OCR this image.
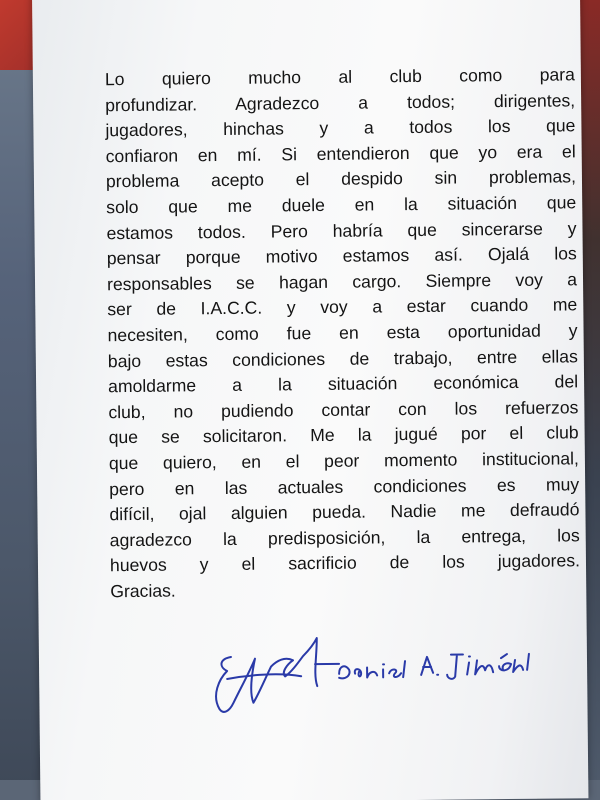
Lo quiero mucho al club como para
profundizar. Agradezco a todos; dirigentes,
jugadores, hinchas y a todos los que
confiaron en mí. Si entendieron que yo era el
problema acepto el despido sin problemas,
solo que me duele en la situación que
estamos todos. Pero habría que sincerarse y
pensar porque motivo estamos así. Ojalá los
responsables se hagan cargo. Siempre voy a
ser de I.A.C.C. y voy a estar cuando me
necesiten, como fue en esta oportunidad y
bajo estas condiciones de trabajo, entre ellas
amoldarme a la situación económica del
club, no pudiendo contar con los refuerzos
que se solicitaron. Me la jugué por el club
que quiero, en el peor momento institucional,
pero en las actuales condiciones es muy
difícil, ojal alguien pueda. Nadie me defraudó
agradezco la predisposición, la entrega, los
huevos y el sacrificio de los jugadores.
Gracias.
